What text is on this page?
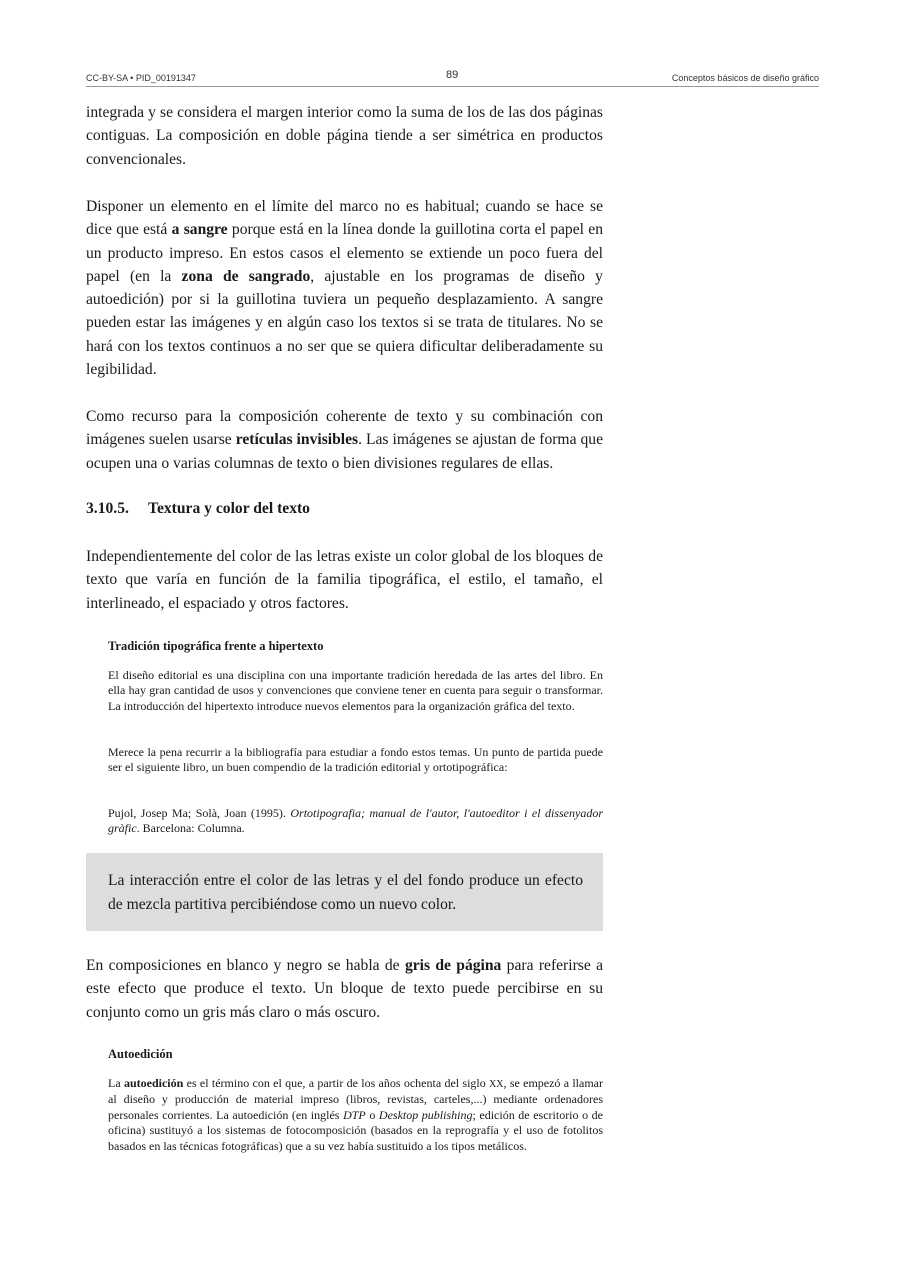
CC-BY-SA • PID_00191347	89	Conceptos básicos de diseño gráfico

integrada y se considera el margen interior como la suma de los de las dos páginas contiguas. La composición en doble página tiende a ser simétrica en productos convencionales.

Disponer un elemento en el límite del marco no es habitual; cuando se hace se dice que está a sangre porque está en la línea donde la guillotina corta el papel en un producto impreso. En estos casos el elemento se extiende un poco fuera del papel (en la zona de sangrado, ajustable en los programas de diseño y autoedición) por si la guillotina tuviera un pequeño desplazamiento. A sangre pueden estar las imágenes y en algún caso los textos si se trata de titulares. No se hará con los textos continuos a no ser que se quiera dificultar deliberadamente su legibilidad.

Como recurso para la composición coherente de texto y su combinación con imágenes suelen usarse retículas invisibles. Las imágenes se ajustan de forma que ocupen una o varias columnas de texto o bien divisiones regulares de ellas.

3.10.5. Textura y color del texto

Independientemente del color de las letras existe un color global de los bloques de texto que varía en función de la familia tipográfica, el estilo, el tamaño, el interlineado, el espaciado y otros factores.

Tradición tipográfica frente a hipertexto

El diseño editorial es una disciplina con una importante tradición heredada de las artes del libro. En ella hay gran cantidad de usos y convenciones que conviene tener en cuenta para seguir o transformar. La introducción del hipertexto introduce nuevos elementos para la organización gráfica del texto.

Merece la pena recurrir a la bibliografía para estudiar a fondo estos temas. Un punto de partida puede ser el siguiente libro, un buen compendio de la tradición editorial y ortotipográfica:

Pujol, Josep Ma; Solà, Joan (1995). Ortotipografia; manual de l'autor, l'autoeditor i el dissenyador gràfic. Barcelona: Columna.

La interacción entre el color de las letras y el del fondo produce un efecto de mezcla partitiva percibiéndose como un nuevo color.

En composiciones en blanco y negro se habla de gris de página para referirse a este efecto que produce el texto. Un bloque de texto puede percibirse en su conjunto como un gris más claro o más oscuro.

Autoedición

La autoedición es el término con el que, a partir de los años ochenta del siglo XX, se empezó a llamar al diseño y producción de material impreso (libros, revistas, carteles,...) mediante ordenadores personales corrientes. La autoedición (en inglés DTP o Desktop publishing; edición de escritorio o de oficina) sustituyó a los sistemas de fotocomposición (basados en la reprografía y el uso de fotolitos basados en las técnicas fotográficas) que a su vez había sustituido a los tipos metálicos.
